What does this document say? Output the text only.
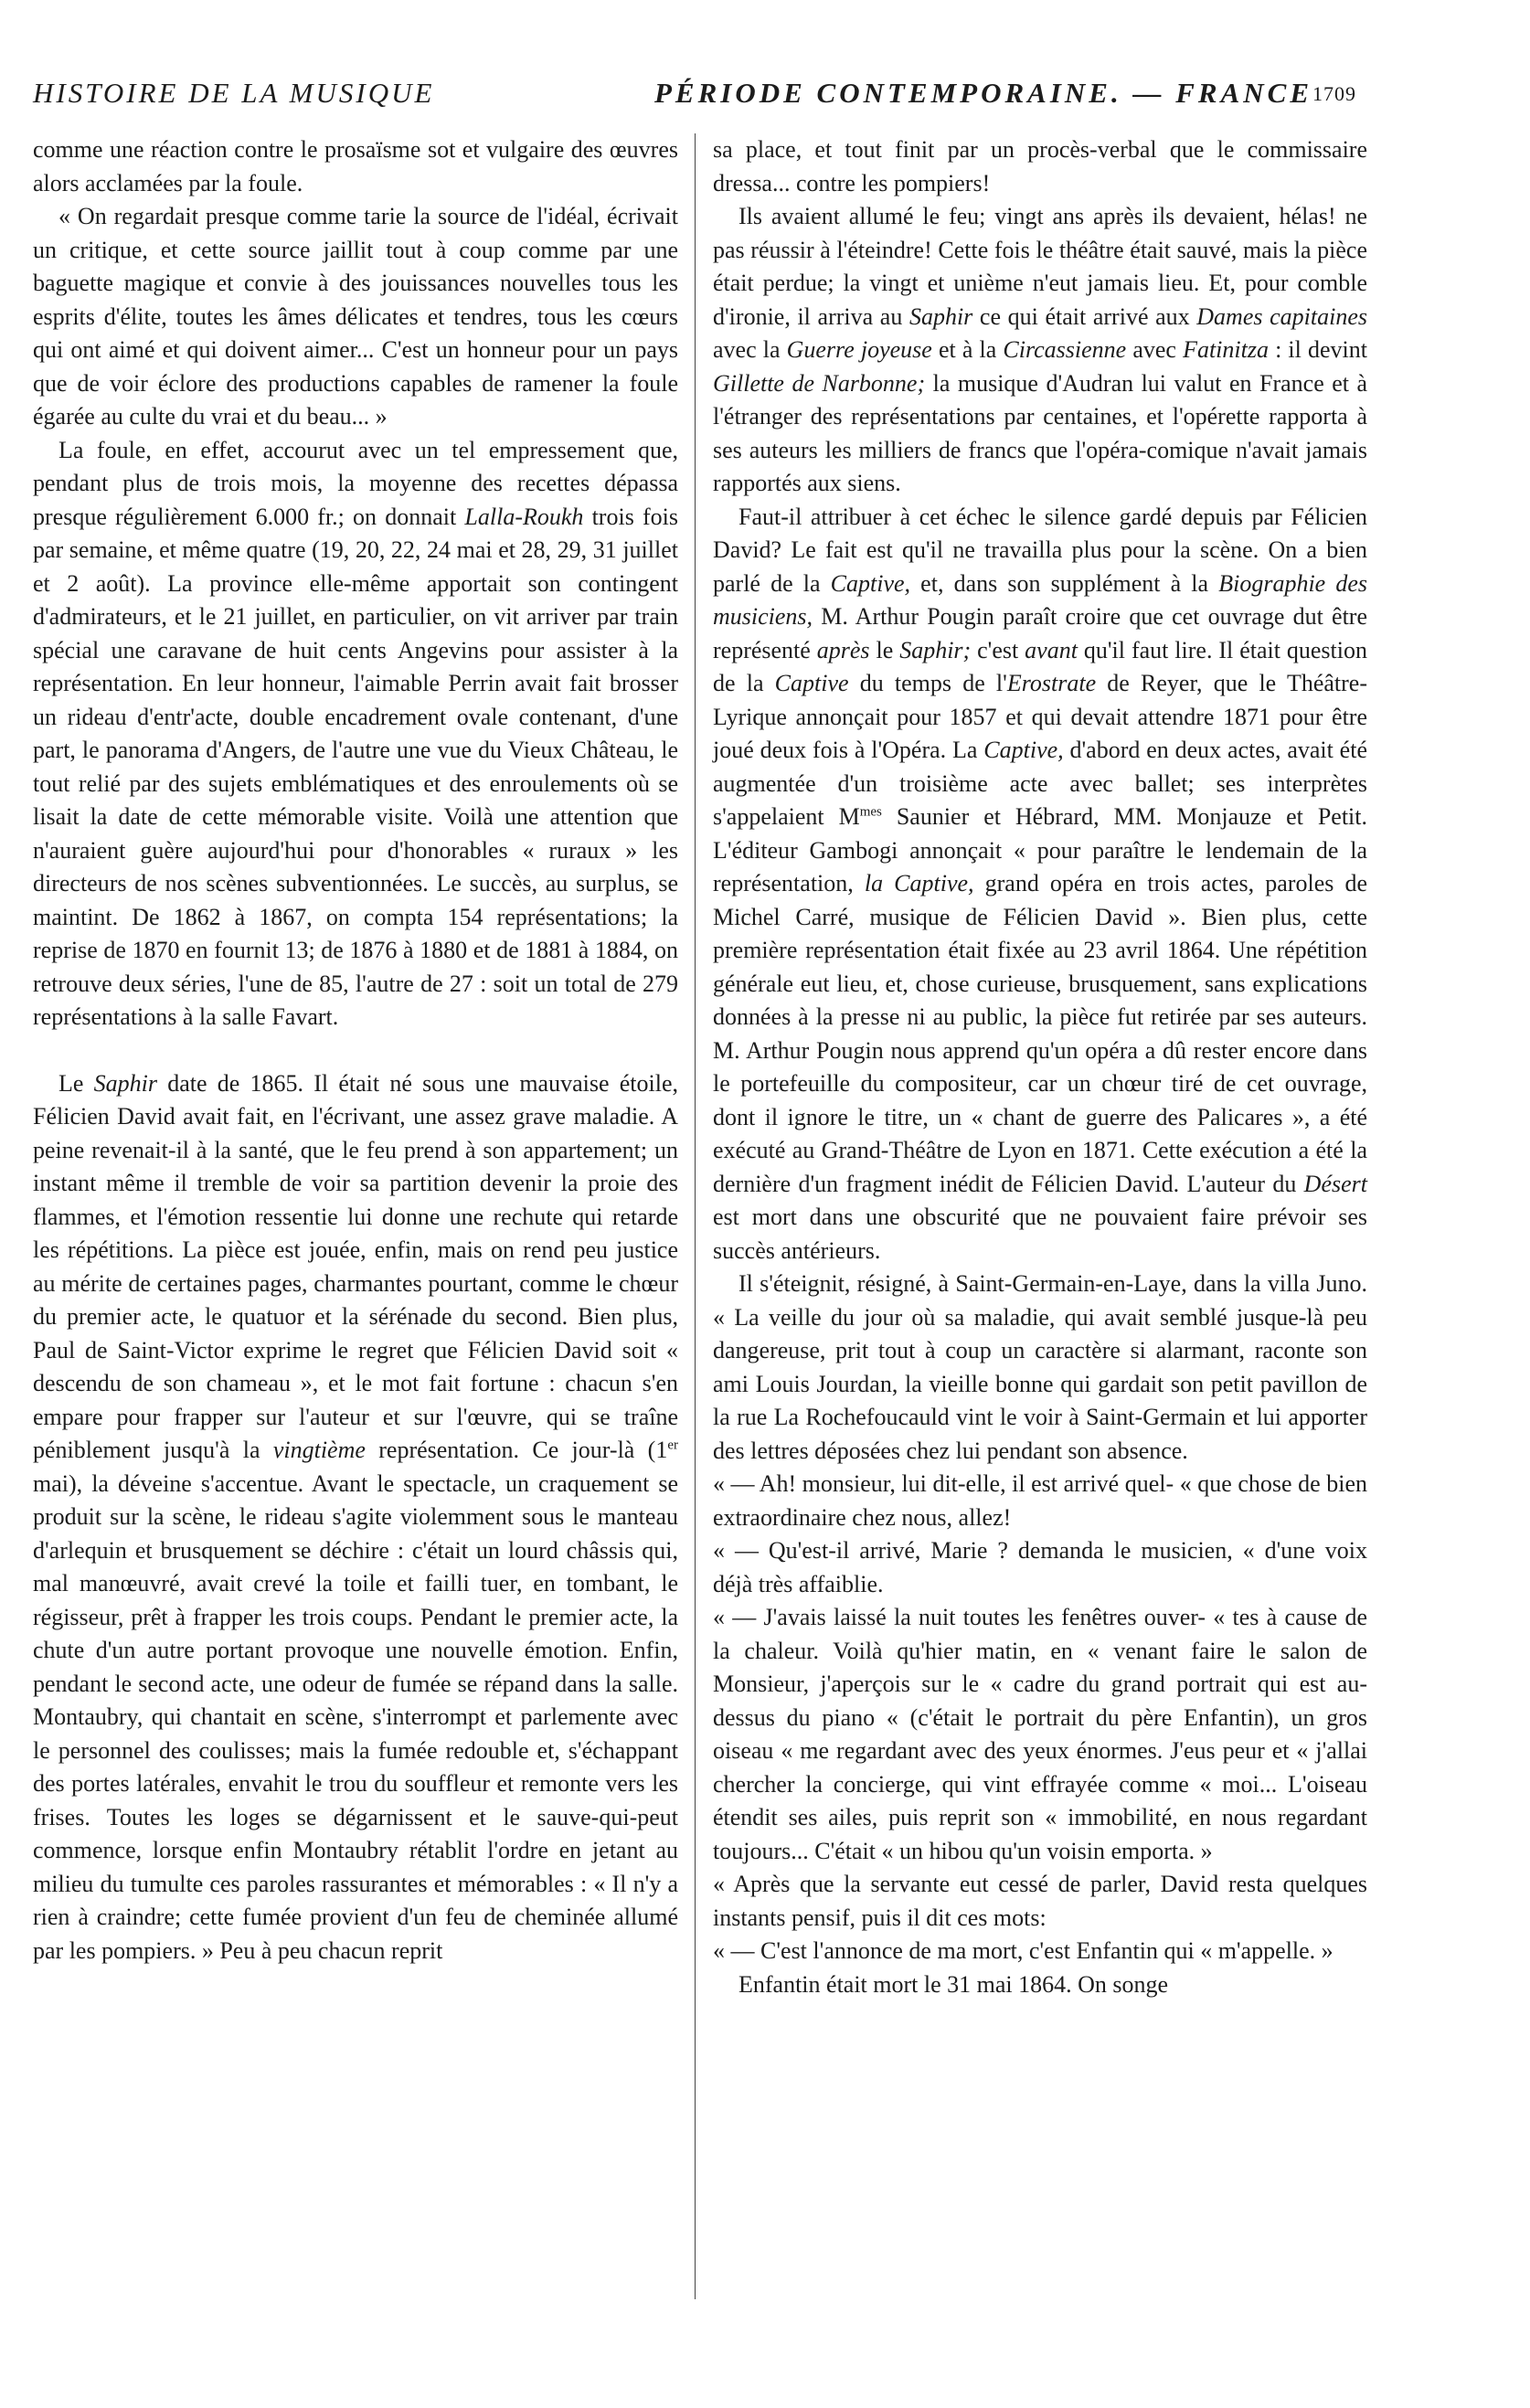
HISTOIRE DE LA MUSIQUE	PÉRIODE CONTEMPORAINE. — FRANCE 1709

comme une réaction contre le prosaïsme sot et vulgaire des œuvres alors acclamées par la foule.

« On regardait presque comme tarie la source de l'idéal, écrivait un critique, et cette source jaillit tout à coup comme par une baguette magique et convie à des jouissances nouvelles tous les esprits d'élite, toutes les âmes délicates et tendres, tous les cœurs qui ont aimé et qui doivent aimer... C'est un honneur pour un pays que de voir éclore des productions capables de ramener la foule égarée au culte du vrai et du beau... »

La foule, en effet, accourut avec un tel empressement que, pendant plus de trois mois, la moyenne des recettes dépassa presque régulièrement 6.000 fr.; on donnait Lalla-Roukh trois fois par semaine, et même quatre (19, 20, 22, 24 mai et 28, 29, 31 juillet et 2 août). La province elle-même apportait son contingent d'admirateurs, et le 21 juillet, en particulier, on vit arriver par train spécial une caravane de huit cents Angevins pour assister à la représentation. En leur honneur, l'aimable Perrin avait fait brosser un rideau d'entr'acte, double encadrement ovale contenant, d'une part, le panorama d'Angers, de l'autre une vue du Vieux Château, le tout relié par des sujets emblématiques et des enroulements où se lisait la date de cette mémorable visite. Voilà une attention que n'auraient guère aujourd'hui pour d'honorables « ruraux » les directeurs de nos scènes subventionnées. Le succès, au surplus, se maintint. De 1862 à 1867, on compta 154 représentations; la reprise de 1870 en fournit 13; de 1876 à 1880 et de 1881 à 1884, on retrouve deux séries, l'une de 85, l'autre de 27 : soit un total de 279 représentations à la salle Favart.

Le Saphir date de 1865. Il était né sous une mauvaise étoile, Félicien David avait fait, en l'écrivant, une assez grave maladie. A peine revenait-il à la santé, que le feu prend à son appartement; un instant même il tremble de voir sa partition devenir la proie des flammes, et l'émotion ressentie lui donne une rechute qui retarde les répétitions. La pièce est jouée, enfin, mais on rend peu justice au mérite de certaines pages, charmantes pourtant, comme le chœur du premier acte, le quatuor et la sérénade du second. Bien plus, Paul de Saint-Victor exprime le regret que Félicien David soit « descendu de son chameau », et le mot fait fortune : chacun s'en empare pour frapper sur l'auteur et sur l'œuvre, qui se traîne péniblement jusqu'à la vingtième représentation. Ce jour-là (1er mai), la déveine s'accentue. Avant le spectacle, un craquement se produit sur la scène, le rideau s'agite violemment sous le manteau d'arlequin et brusquement se déchire : c'était un lourd châssis qui, mal manœuvré, avait crevé la toile et failli tuer, en tombant, le régisseur, prêt à frapper les trois coups. Pendant le premier acte, la chute d'un autre portant provoque une nouvelle émotion. Enfin, pendant le second acte, une odeur de fumée se répand dans la salle. Montaubry, qui chantait en scène, s'interrompt et parlemente avec le personnel des coulisses; mais la fumée redouble et, s'échappant des portes latérales, envahit le trou du souffleur et remonte vers les frises. Toutes les loges se dégarnissent et le sauve-qui-peut commence, lorsque enfin Montaubry rétablit l'ordre en jetant au milieu du tumulte ces paroles rassurantes et mémorables : « Il n'y a rien à craindre; cette fumée provient d'un feu de cheminée allumé par les pompiers. » Peu à peu chacun reprit

sa place, et tout finit par un procès-verbal que le commissaire dressa... contre les pompiers!

Ils avaient allumé le feu; vingt ans après ils devaient, hélas! ne pas réussir à l'éteindre! Cette fois le théâtre était sauvé, mais la pièce était perdue; la vingt et unième n'eut jamais lieu. Et, pour comble d'ironie, il arriva au Saphir ce qui était arrivé aux Dames capitaines avec la Guerre joyeuse et à la Circassienne avec Fatinitza : il devint Gillette de Narbonne; la musique d'Audran lui valut en France et à l'étranger des représentations par centaines, et l'opérette rapporta à ses auteurs les milliers de francs que l'opéra-comique n'avait jamais rapportés aux siens.

Faut-il attribuer à cet échec le silence gardé depuis par Félicien David? Le fait est qu'il ne travailla plus pour la scène. On a bien parlé de la Captive, et, dans son supplément à la Biographie des musiciens, M. Arthur Pougin paraît croire que cet ouvrage dut être représenté après le Saphir; c'est avant qu'il faut lire. Il était question de la Captive du temps de l'Erostrate de Reyer, que le Théâtre-Lyrique annonçait pour 1857 et qui devait attendre 1871 pour être joué deux fois à l'Opéra. La Captive, d'abord en deux actes, avait été augmentée d'un troisième acte avec ballet; ses interprètes s'appelaient $M^{mes}$ Saunier et Hébrard, MM. Monjauze et Petit. L'éditeur Gambogi annonçait « pour paraître le lendemain de la représentation, la Captive, grand opéra en trois actes, paroles de Michel Carré, musique de Félicien David ». Bien plus, cette première représentation était fixée au 23 avril 1864. Une répétition générale eut lieu, et, chose curieuse, brusquement, sans explications données à la presse ni au public, la pièce fut retirée par ses auteurs. M. Arthur Pougin nous apprend qu'un opéra a dû rester encore dans le portefeuille du compositeur, car un chœur tiré de cet ouvrage, dont il ignore le titre, un « chant de guerre des Palicares », a été exécuté au Grand-Théâtre de Lyon en 1871. Cette exécution a été la dernière d'un fragment inédit de Félicien David. L'auteur du Désert est mort dans une obscurité que ne pouvaient faire prévoir ses succès antérieurs.

Il s'éteignit, résigné, à Saint-Germain-en-Laye, dans la villa Juno. « La veille du jour où sa maladie, qui avait semblé jusque-là peu dangereuse, prit tout à coup un caractère si alarmant, raconte son ami Louis Jourdan, la vieille bonne qui gardait son petit pavillon de la rue La Rochefoucauld vint le voir à Saint-Germain et lui apporter des lettres déposées chez lui pendant son absence.

« — Ah! monsieur, lui dit-elle, il est arrivé quel- « que chose de bien extraordinaire chez nous, allez!

« — Qu'est-il arrivé, Marie ? demanda le musicien, « d'une voix déjà très affaiblie.

« — J'avais laissé la nuit toutes les fenêtres ouver- « tes à cause de la chaleur. Voilà qu'hier matin, en « venant faire le salon de Monsieur, j'aperçois sur le « cadre du grand portrait qui est au-dessus du piano « (c'était le portrait du père Enfantin), un gros oiseau « me regardant avec des yeux énormes. J'eus peur et « j'allai chercher la concierge, qui vint effrayée comme « moi... L'oiseau étendit ses ailes, puis reprit son « immobilité, en nous regardant toujours... C'était « un hibou qu'un voisin emporta. »

« Après que la servante eut cessé de parler, David resta quelques instants pensif, puis il dit ces mots:

« — C'est l'annonce de ma mort, c'est Enfantin qui « m'appelle. »

Enfantin était mort le 31 mai 1864. On songe
